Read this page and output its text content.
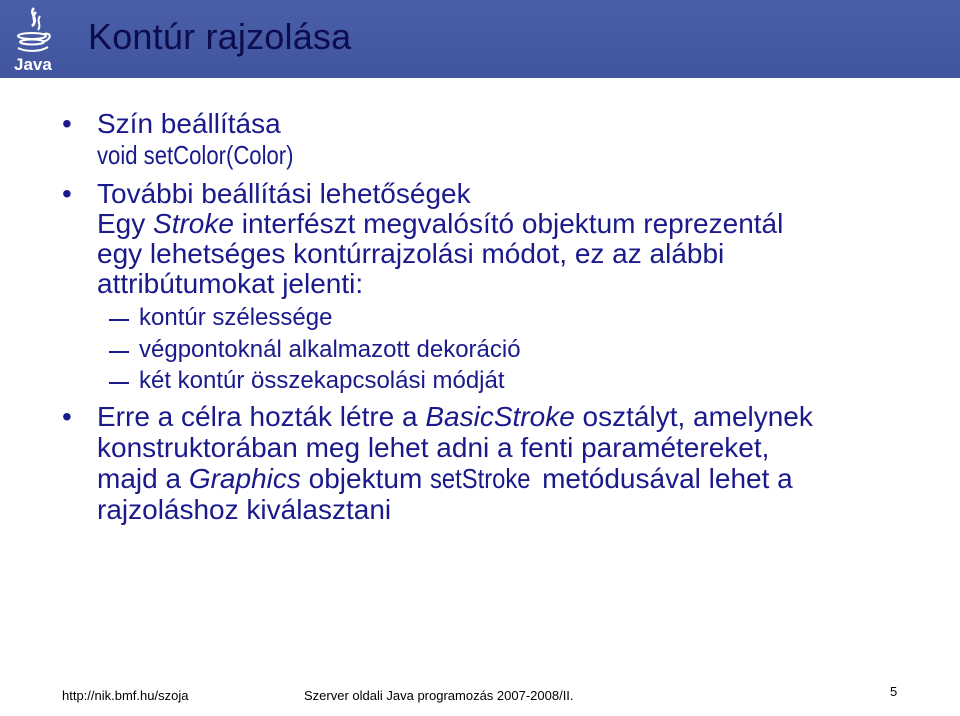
Java
Kontúr rajzolása
• Szín beállítása
void setColor(Color)
• További beállítási lehetőségek
Egy Stroke interfészt megvalósító objektum reprezentál
egy lehetséges kontúrrajzolási módot, ez az alábbi
attribútumokat jelenti:
kontúr szélessége
végpontoknál alkalmazott dekoráció
két kontúr összekapcsolási módját
• Erre a célra hozták létre a BasicStroke osztályt, amelynek
konstruktorában meg lehet adni a fenti paramétereket,
majd a Graphics objektum setStroke metódusával lehet a
rajzoláshoz kiválasztani
http://nik.bmf.hu/szoja	Szerver oldali Java programozás 2007-2008/II.	5
